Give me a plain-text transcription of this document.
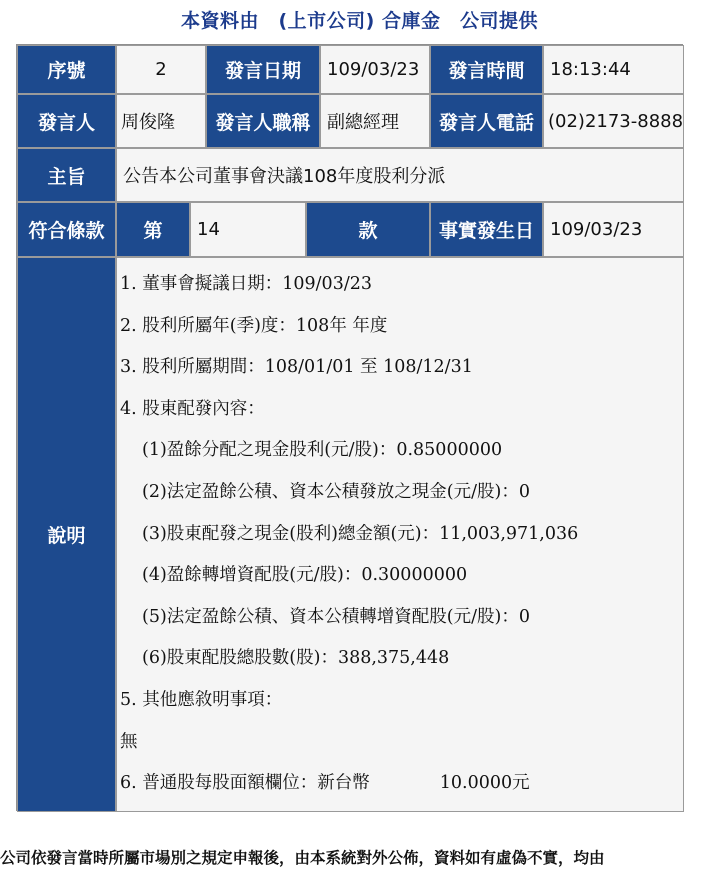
本資料由　(上市公司) 合庫金　公司提供
序號	2	發言日期	109/03/23	發言時間	18:13:44
發言人	周俊隆	發言人職稱 副總經理	發言人電話 (02)2173-8888
主旨	公告本公司董事會決議108年度股利分派
符合條款	第	14	款	事實發生日 109/03/23
說明
1. 董事會擬議日期：109/03/23
2. 股利所屬年(季)度：108年 年度
3. 股利所屬期間：108/01/01 至 108/12/31
4. 股東配發內容：
(1)盈餘分配之現金股利(元/股)：0.85000000
(2)法定盈餘公積、資本公積發放之現金(元/股)：0
(3)股東配發之現金(股利)總金額(元)：11,003,971,036
(4)盈餘轉增資配股(元/股)：0.30000000
(5)法定盈餘公積、資本公積轉增資配股(元/股)：0
(6)股東配股總股數(股)：388,375,448
5. 其他應敘明事項：
無
6. 普通股每股面額欄位：新台幣　　　　10.0000元
公司依發言當時所屬市場別之規定申報後，由本系統對外公佈，資料如有虛偽不實，均由
